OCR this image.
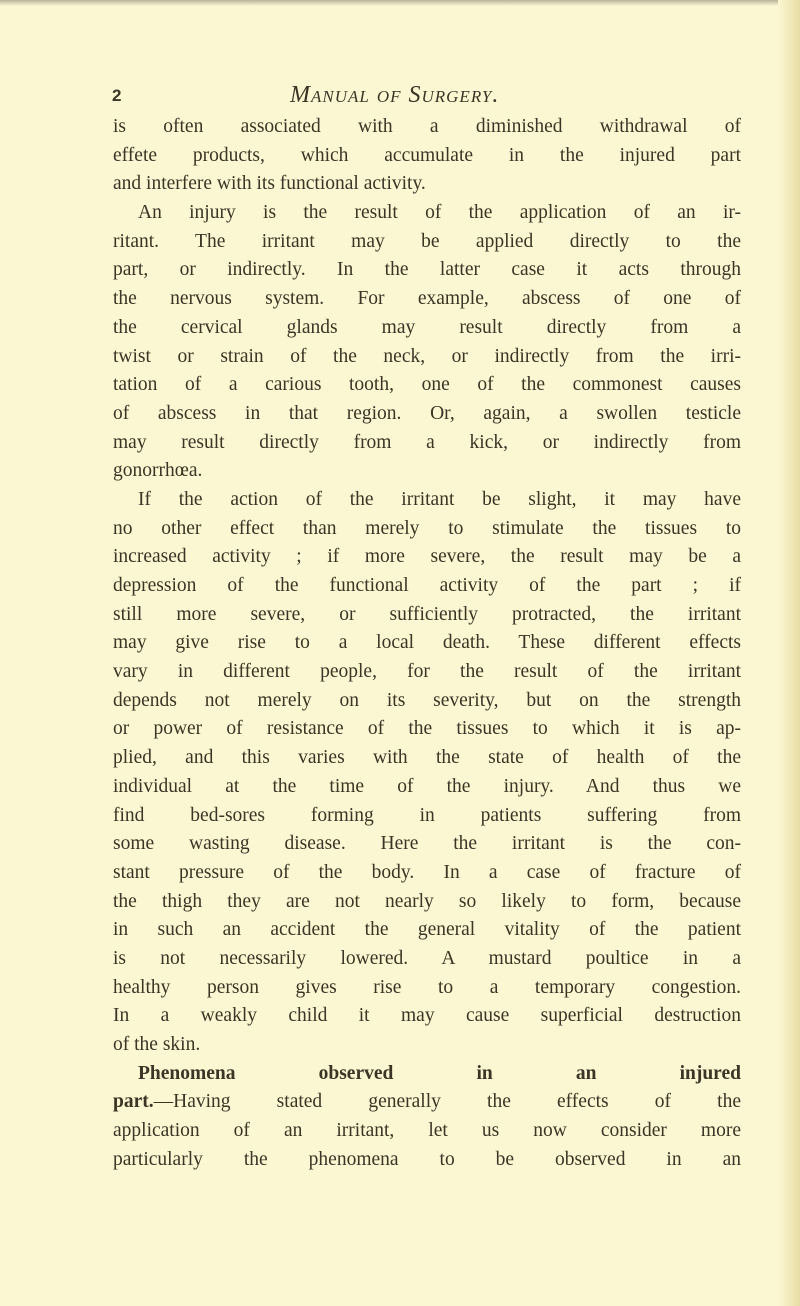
2	Manual of Surgery.
is often associated with a diminished withdrawal of
effete products, which accumulate in the injured part
and interfere with its functional activity.
An injury is the result of the application of an ir-
ritant. The irritant may be applied directly to the
part, or indirectly. In the latter case it acts through
the nervous system. For example, abscess of one of
the cervical glands may result directly from a
twist or strain of the neck, or indirectly from the irri-
tation of a carious tooth, one of the commonest causes
of abscess in that region. Or, again, a swollen testicle
may result directly from a kick, or indirectly from
gonorrhœa.
If the action of the irritant be slight, it may have
no other effect than merely to stimulate the tissues to
increased activity ; if more severe, the result may be a
depression of the functional activity of the part ; if
still more severe, or sufficiently protracted, the irritant
may give rise to a local death. These different effects
vary in different people, for the result of the irritant
depends not merely on its severity, but on the strength
or power of resistance of the tissues to which it is ap-
plied, and this varies with the state of health of the
individual at the time of the injury. And thus we
find bed-sores forming in patients suffering from
some wasting disease. Here the irritant is the con-
stant pressure of the body. In a case of fracture of
the thigh they are not nearly so likely to form, because
in such an accident the general vitality of the patient
is not necessarily lowered. A mustard poultice in a
healthy person gives rise to a temporary congestion.
In a weakly child it may cause superficial destruction
of the skin.
Phenomena observed in an injured
part.—Having stated generally the effects of the
application of an irritant, let us now consider more
particularly the phenomena to be observed in an
